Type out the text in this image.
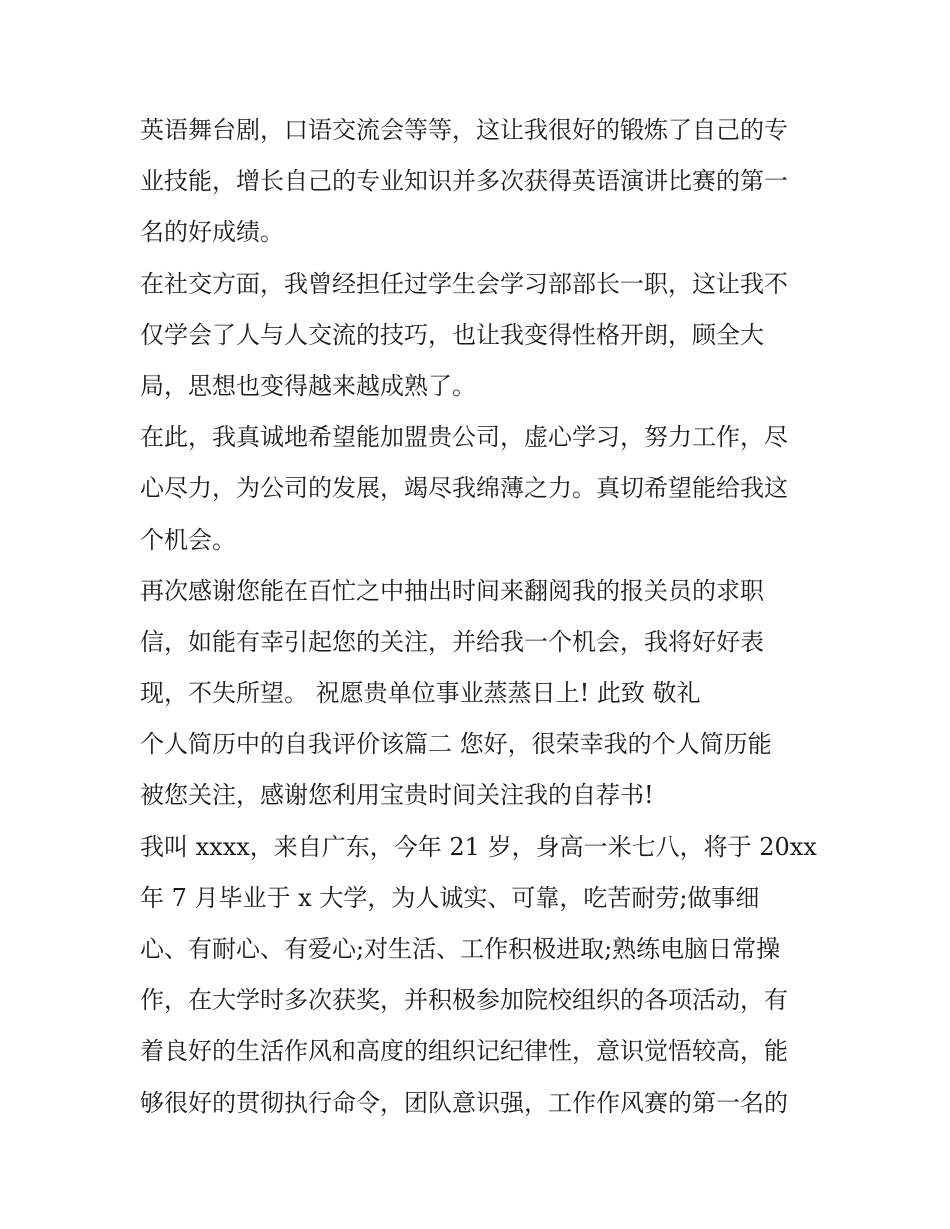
英语舞台剧，口语交流会等等，这让我很好的锻炼了自己的专
业技能，增长自己的专业知识并多次获得英语演讲比赛的第一
名的好成绩。
在社交方面，我曾经担任过学生会学习部部长一职，这让我不
仅学会了人与人交流的技巧，也让我变得性格开朗，顾全大
局，思想也变得越来越成熟了。
在此，我真诚地希望能加盟贵公司，虚心学习，努力工作，尽
心尽力，为公司的发展，竭尽我绵薄之力。真切希望能给我这
个机会。
再次感谢您能在百忙之中抽出时间来翻阅我的报关员的求职
信，如能有幸引起您的关注，并给我一个机会，我将好好表
现，不失所望。 祝愿贵单位事业蒸蒸日上! 此致 敬礼
个人简历中的自我评价该篇二 您好，很荣幸我的个人简历能
被您关注，感谢您利用宝贵时间关注我的自荐书!
我叫 xxxx，来自广东，今年 21 岁，身高一米七八，将于 20xx
年 7 月毕业于 x 大学，为人诚实、可靠，吃苦耐劳;做事细
心、有耐心、有爱心;对生活、工作积极进取;熟练电脑日常操
作，在大学时多次获奖，并积极参加院校组织的各项活动，有
着良好的生活作风和高度的组织记纪律性，意识觉悟较高，能
够很好的贯彻执行命令，团队意识强，工作作风赛的第一名的
